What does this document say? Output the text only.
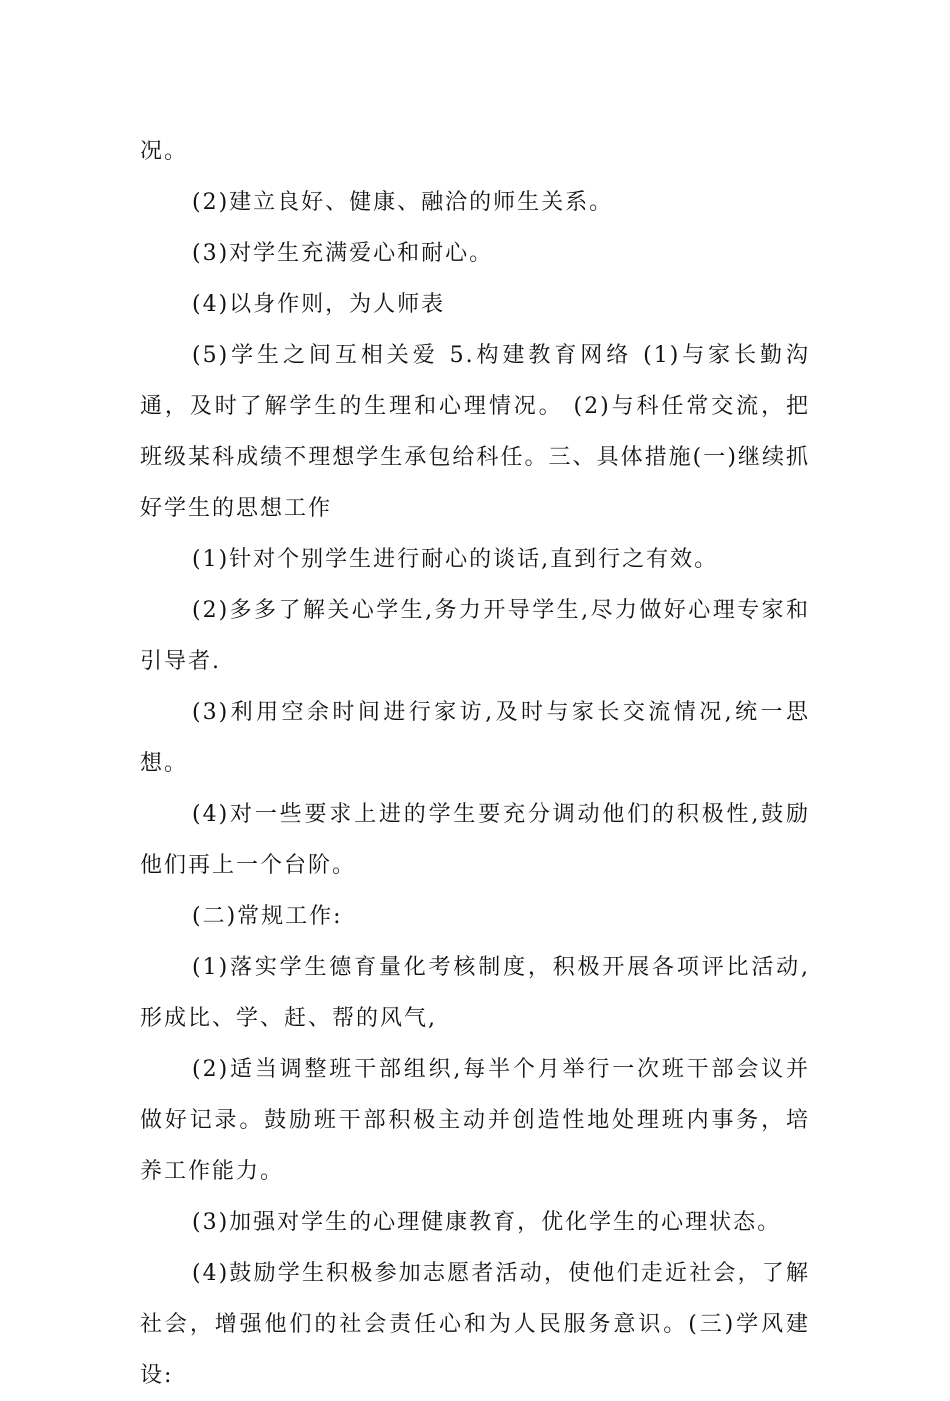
况。

(2)建立良好、健康、融洽的师生关系。

(3)对学生充满爱心和耐心。

(4)以身作则，为人师表

(5)学生之间互相关爱 5.构建教育网络 (1)与家长勤沟通，及时了解学生的生理和心理情况。 (2)与科任常交流，把班级某科成绩不理想学生承包给科任。三、具体措施(一)继续抓好学生的思想工作

(1)针对个别学生进行耐心的谈话,直到行之有效。

(2)多多了解关心学生,务力开导学生,尽力做好心理专家和引导者.

(3)利用空余时间进行家访,及时与家长交流情况,统一思想。

(4)对一些要求上进的学生要充分调动他们的积极性,鼓励他们再上一个台阶。

(二)常规工作:

(1)落实学生德育量化考核制度，积极开展各项评比活动,形成比、学、赶、帮的风气,

(2)适当调整班干部组织,每半个月举行一次班干部会议并做好记录。鼓励班干部积极主动并创造性地处理班内事务，培养工作能力。

(3)加强对学生的心理健康教育，优化学生的心理状态。

(4)鼓励学生积极参加志愿者活动，使他们走近社会，了解社会，增强他们的社会责任心和为人民服务意识。(三)学风建设:
